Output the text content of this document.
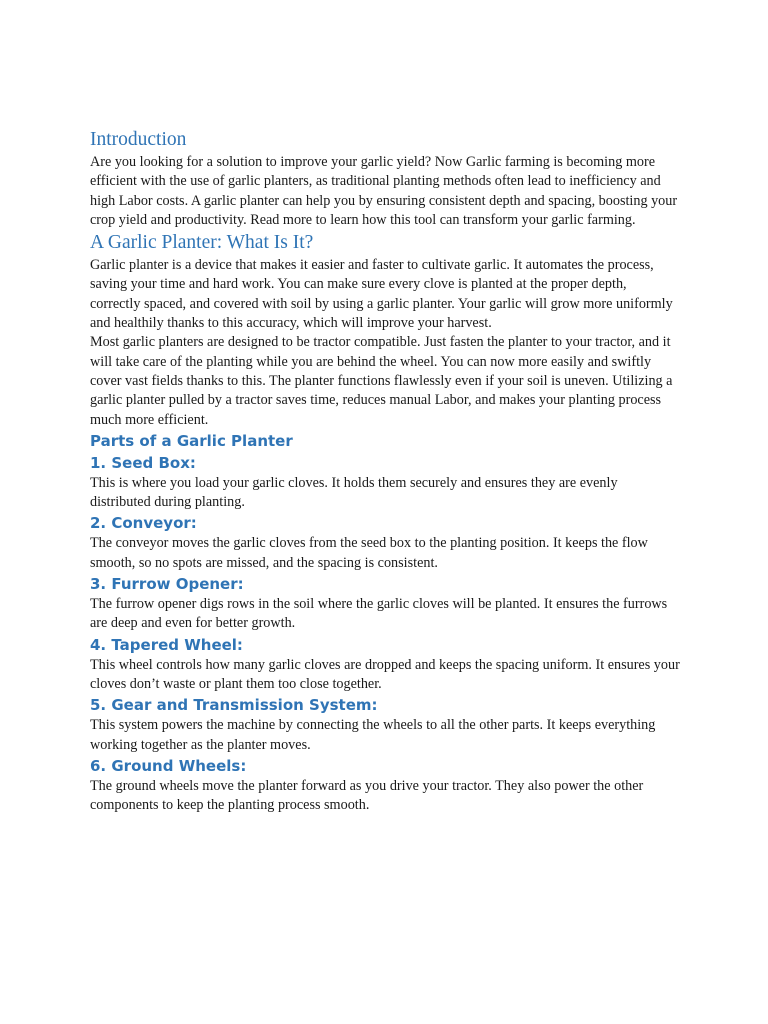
Introduction

Are you looking for a solution to improve your garlic yield? Now Garlic farming is becoming more efficient with the use of garlic planters, as traditional planting methods often lead to inefficiency and high Labor costs. A garlic planter can help you by ensuring consistent depth and spacing, boosting your crop yield and productivity. Read more to learn how this tool can transform your garlic farming.

A Garlic Planter: What Is It?

Garlic planter is a device that makes it easier and faster to cultivate garlic. It automates the process, saving your time and hard work. You can make sure every clove is planted at the proper depth, correctly spaced, and covered with soil by using a garlic planter. Your garlic will grow more uniformly and healthily thanks to this accuracy, which will improve your harvest.

Most garlic planters are designed to be tractor compatible. Just fasten the planter to your tractor, and it will take care of the planting while you are behind the wheel. You can now more easily and swiftly cover vast fields thanks to this. The planter functions flawlessly even if your soil is uneven. Utilizing a garlic planter pulled by a tractor saves time, reduces manual Labor, and makes your planting process much more efficient.

Parts of a Garlic Planter
1. Seed Box:

This is where you load your garlic cloves. It holds them securely and ensures they are evenly distributed during planting.

2. Conveyor:

The conveyor moves the garlic cloves from the seed box to the planting position. It keeps the flow smooth, so no spots are missed, and the spacing is consistent.

3. Furrow Opener:

The furrow opener digs rows in the soil where the garlic cloves will be planted. It ensures the furrows are deep and even for better growth.

4. Tapered Wheel:

This wheel controls how many garlic cloves are dropped and keeps the spacing uniform. It ensures your cloves don’t waste or plant them too close together.

5. Gear and Transmission System:

This system powers the machine by connecting the wheels to all the other parts. It keeps everything working together as the planter moves.

6. Ground Wheels:

The ground wheels move the planter forward as you drive your tractor. They also power the other components to keep the planting process smooth.
